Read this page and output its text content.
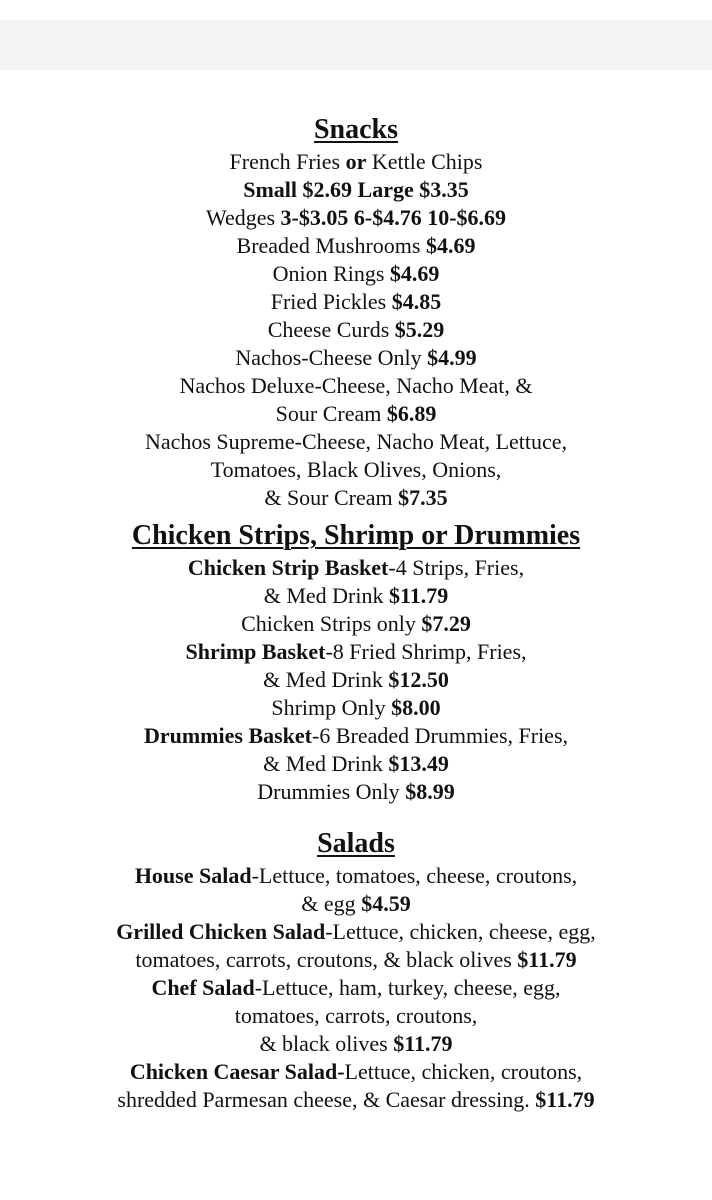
Snacks
French Fries or Kettle Chips
Small $2.69 Large $3.35
Wedges 3-$3.05 6-$4.76 10-$6.69
Breaded Mushrooms $4.69
Onion Rings $4.69
Fried Pickles $4.85
Cheese Curds $5.29
Nachos-Cheese Only $4.99
Nachos Deluxe-Cheese, Nacho Meat, &
Sour Cream $6.89
Nachos Supreme-Cheese, Nacho Meat, Lettuce,
Tomatoes, Black Olives, Onions,
& Sour Cream $7.35
Chicken Strips, Shrimp or Drummies
Chicken Strip Basket-4 Strips, Fries,
& Med Drink $11.79
Chicken Strips only $7.29
Shrimp Basket-8 Fried Shrimp, Fries,
& Med Drink $12.50
Shrimp Only $8.00
Drummies Basket-6 Breaded Drummies, Fries,
& Med Drink $13.49
Drummies Only $8.99
Salads
House Salad-Lettuce, tomatoes, cheese, croutons,
& egg $4.59
Grilled Chicken Salad-Lettuce, chicken, cheese, egg,
tomatoes, carrots, croutons, & black olives $11.79
Chef Salad-Lettuce, ham, turkey, cheese, egg,
tomatoes, carrots, croutons,
& black olives $11.79
Chicken Caesar Salad-Lettuce, chicken, croutons,
shredded Parmesan cheese, & Caesar dressing. $11.79
